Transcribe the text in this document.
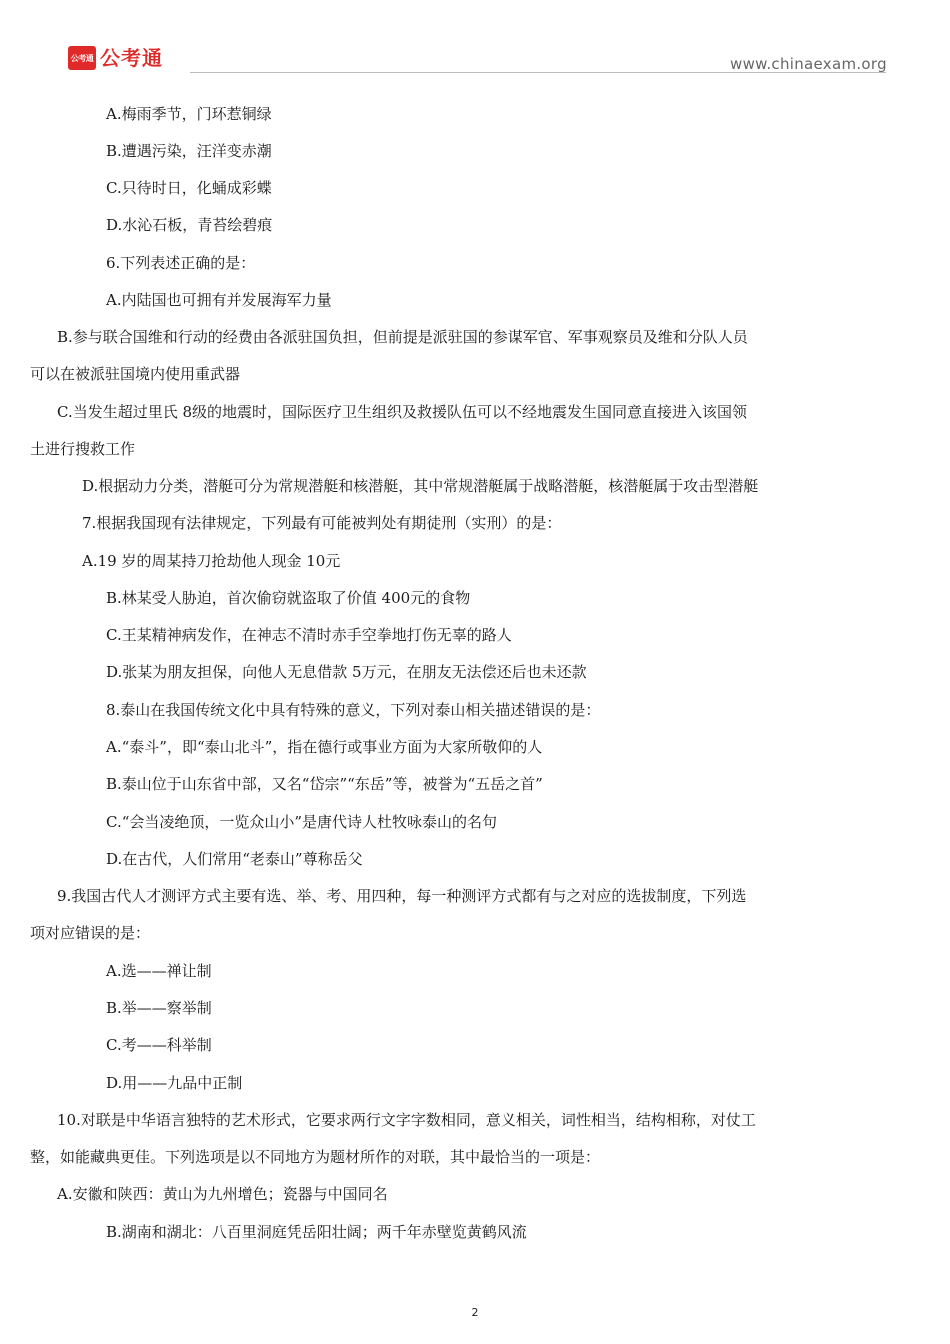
公考通 公考通	www.chinaexam.org
A.梅雨季节，门环惹铜绿
B.遭遇污染，汪洋变赤潮
C.只待时日，化蛹成彩蝶
D.水沁石板，青苔绘碧痕
6.下列表述正确的是：
A.内陆国也可拥有并发展海军力量
B.参与联合国维和行动的经费由各派驻国负担，但前提是派驻国的参谋军官、军事观察员及维和分队人员
可以在被派驻国境内使用重武器
C.当发生超过里氏 8级的地震时，国际医疗卫生组织及救援队伍可以不经地震发生国同意直接进入该国领
土进行搜救工作
D.根据动力分类，潜艇可分为常规潜艇和核潜艇，其中常规潜艇属于战略潜艇，核潜艇属于攻击型潜艇
7.根据我国现有法律规定，下列最有可能被判处有期徒刑（实刑）的是：
A.19 岁的周某持刀抢劫他人现金 10元
B.林某受人胁迫，首次偷窃就盗取了价值 400元的食物
C.王某精神病发作，在神志不清时赤手空拳地打伤无辜的路人
D.张某为朋友担保，向他人无息借款 5万元，在朋友无法偿还后也未还款
8.泰山在我国传统文化中具有特殊的意义，下列对泰山相关描述错误的是：
A.“泰斗”，即“泰山北斗”，指在德行或事业方面为大家所敬仰的人
B.泰山位于山东省中部，又名“岱宗”“东岳”等，被誉为“五岳之首”
C.“会当凌绝顶，一览众山小”是唐代诗人杜牧咏泰山的名句
D.在古代，人们常用“老泰山”尊称岳父
9.我国古代人才测评方式主要有选、举、考、用四种，每一种测评方式都有与之对应的选拔制度，下列选
项对应错误的是：
A.选——禅让制
B.举——察举制
C.考——科举制
D.用——九品中正制
10.对联是中华语言独特的艺术形式，它要求两行文字字数相同，意义相关，词性相当，结构相称，对仗工
整，如能藏典更佳。下列选项是以不同地方为题材所作的对联，其中最恰当的一项是：
A.安徽和陕西：黄山为九州增色；瓷器与中国同名
B.湖南和湖北：八百里洞庭凭岳阳壮阔；两千年赤壁览黄鹤风流
2
